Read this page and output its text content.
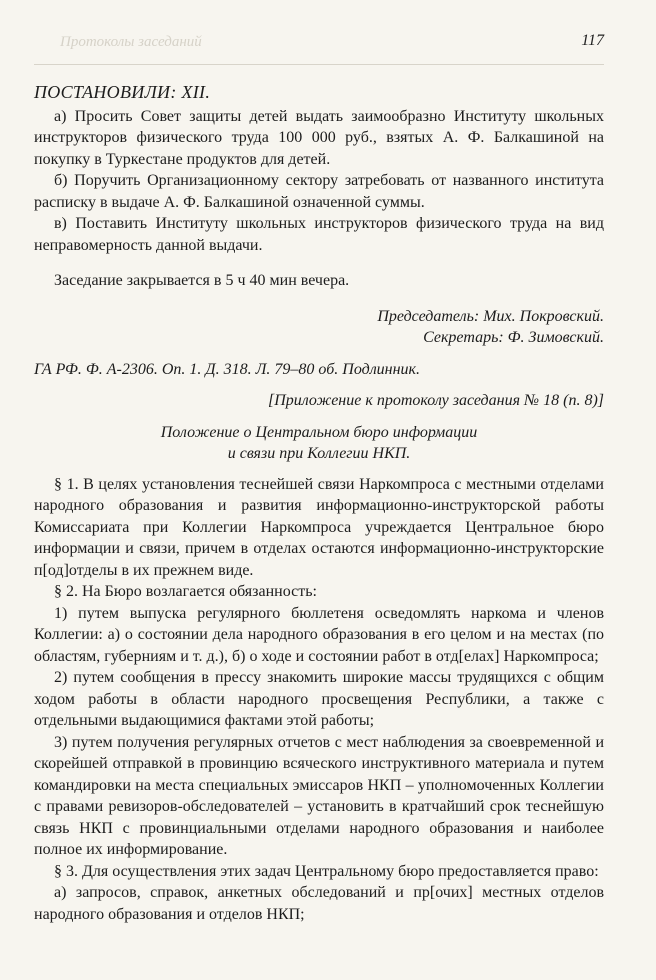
Протоколы заседаний	117
ПОСТАНОВИЛИ: XII.

а) Просить Совет защиты детей выдать заимообразно Институту школьных инструкторов физического труда 100 000 руб., взятых А. Ф. Балкашиной на покупку в Туркестане продуктов для детей.

б) Поручить Организационному сектору затребовать от названного института расписку в выдаче А. Ф. Балкашиной означенной суммы.

в) Поставить Институту школьных инструкторов физического труда на вид неправомерность данной выдачи.

Заседание закрывается в 5 ч 40 мин вечера.

Председатель: Мих. Покровский.

Секретарь: Ф. Зимовский.

ГА РФ. Ф. А-2306. Оп. 1. Д. 318. Л. 79–80 об. Подлинник.

[Приложение к протоколу заседания № 18 (п. 8)]

Положение о Центральном бюро информации

и связи при Коллегии НКП.

§ 1. В целях установления теснейшей связи Наркомпроса с местными отделами народного образования и развития информационно-инструкторской работы Комиссариата при Коллегии Наркомпроса учреждается Центральное бюро информации и связи, причем в отделах остаются информационно-инструкторские п[од]отделы в их прежнем виде.

§ 2. На Бюро возлагается обязанность:

1) путем выпуска регулярного бюллетеня осведомлять наркома и членов Коллегии: а) о состоянии дела народного образования в его целом и на местах (по областям, губерниям и т. д.), б) о ходе и состоянии работ в отд[елах] Наркомпроса;

2) путем сообщения в прессу знакомить широкие массы трудящихся с общим ходом работы в области народного просвещения Республики, а также с отдельными выдающимися фактами этой работы;

3) путем получения регулярных отчетов с мест наблюдения за своевременной и скорейшей отправкой в провинцию всяческого инструктивного материала и путем командировки на места специальных эмиссаров НКП – уполномоченных Коллегии с правами ревизоров-обследователей – установить в кратчайший срок теснейшую связь НКП с провинциальными отделами народного образования и наиболее полное их информирование.

§ 3. Для осуществления этих задач Центральному бюро предоставляется право:

а) запросов, справок, анкетных обследований и пр[очих] местных отделов народного образования и отделов НКП;
